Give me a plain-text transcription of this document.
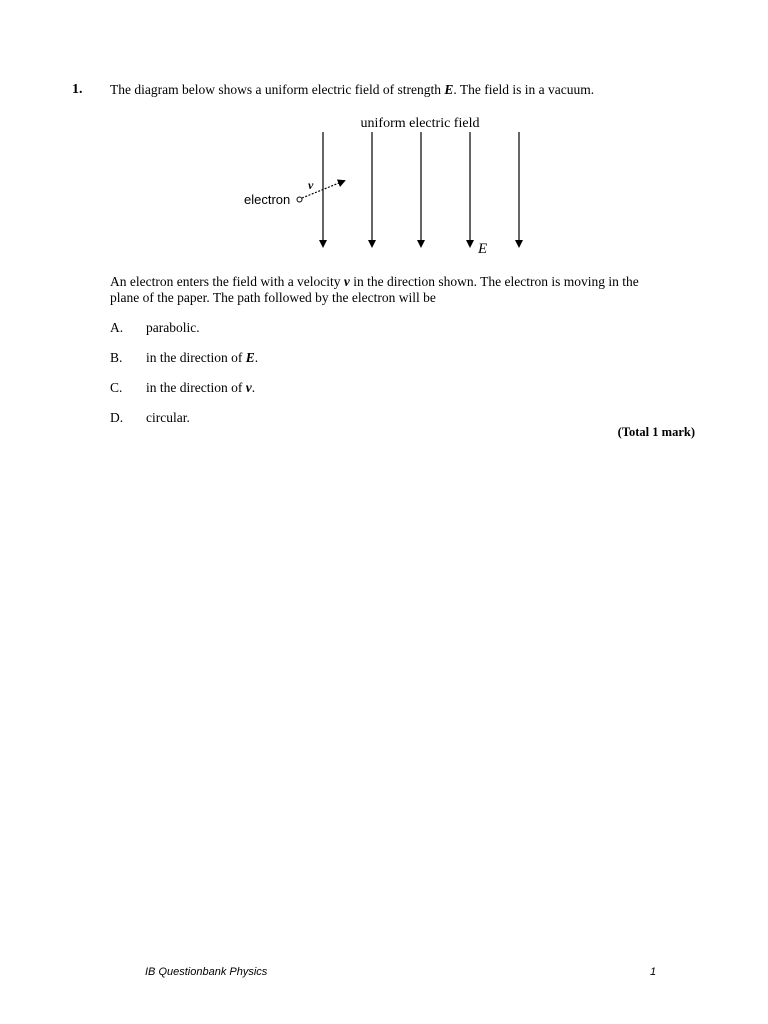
1. The diagram below shows a uniform electric field of strength E. The field is in a vacuum.
uniform electric field
electron
v
E
An electron enters the field with a velocity v in the direction shown. The electron is moving in the plane of the paper. The path followed by the electron will be
A. parabolic.
B. in the direction of E.
C. in the direction of v.
D. circular.
(Total 1 mark)
IB Questionbank Physics	1
